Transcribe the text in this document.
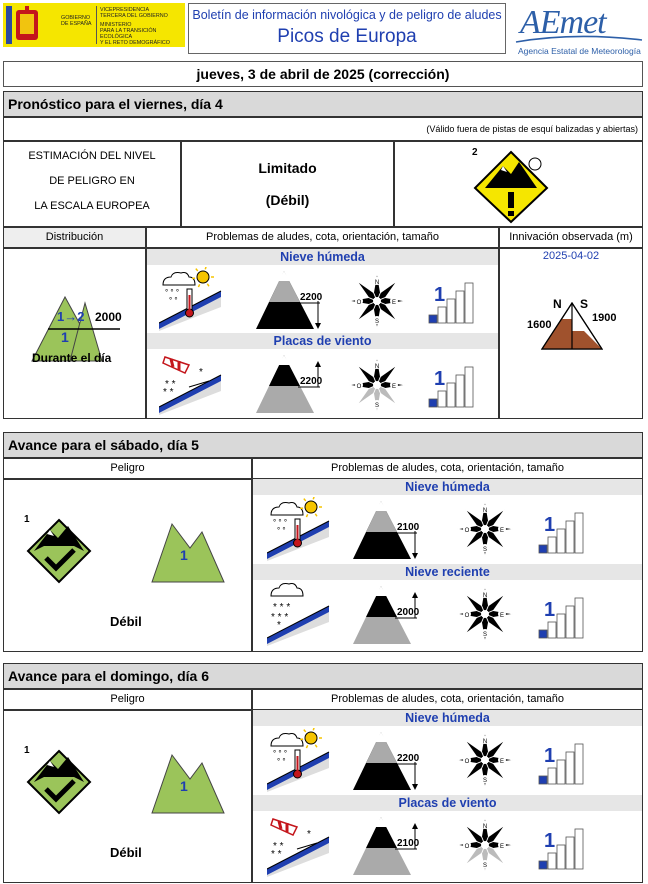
GOBIERNO
DE ESPAÑA
VICEPRESIDENCIA
TERCERA DEL GOBIERNO
MINISTERIO
PARA LA TRANSICIÓN ECOLÓGICA
Y EL RETO DEMOGRÁFICO
Boletín de información nivológica y de peligro de aludes
Picos de Europa	AEmet
Agencia Estatal de Meteorología
jueves, 3 de abril de 2025 (corrección)
Pronóstico para el viernes, día 4
(Válido fuera de pistas de esquí balizadas y abiertas)
ESTIMACIÓN DEL NIVEL
DE PELIGRO EN
LA ESCALA EUROPEA
Limitado
(Débil)
2
Distribución	Problemas de aludes, cota, orientación, tamaño	Innivación observada (m)
1→2 2000
1
Durante el día
Nieve húmeda
° ° °
° °	2200
N
E
S
O	1
Placas de viento
* *
* *
*
2200
N
E
S
O	1
2025-04-02
N S
1600
1900
Avance para el sábado, día 5
Peligro	Problemas de aludes, cota, orientación, tamaño
1
1
Débil
Nieve húmeda
° ° °
° °	2100
N
E
S
O	1
Nieve reciente
* * *
* * *
*
2000
N
E
S
O	1
Avance para el domingo, día 6
Peligro	Problemas de aludes, cota, orientación, tamaño
1
1
Débil
Nieve húmeda
° ° °
° °	2200
N
E
S
O	1
Placas de viento
* *
* *
*
2100
N
E
S
O	1
